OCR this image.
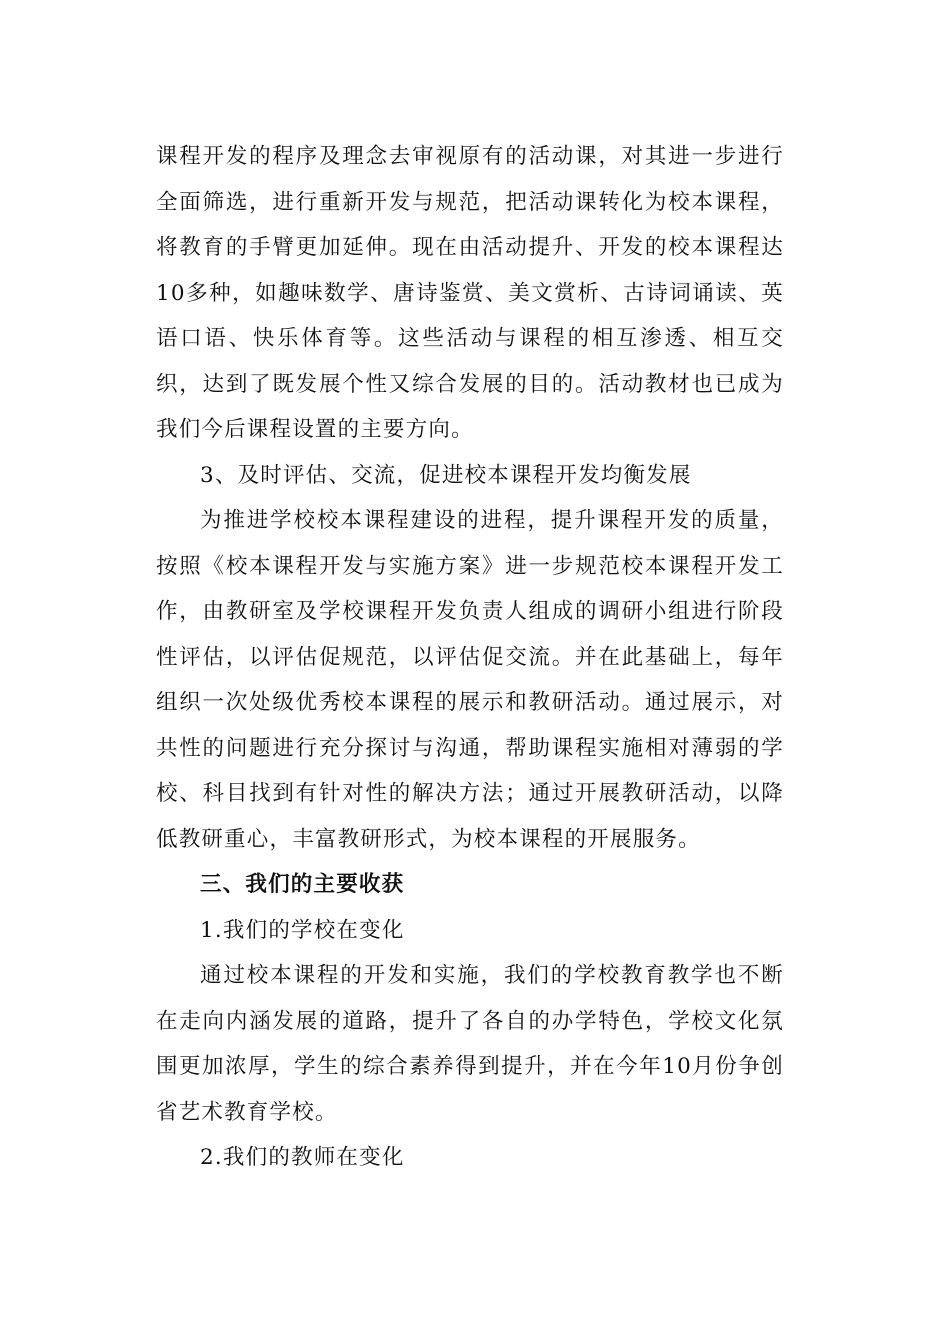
课程开发的程序及理念去审视原有的活动课，对其进一步进行全面筛选，进行重新开发与规范，把活动课转化为校本课程，将教育的手臂更加延伸。现在由活动提升、开发的校本课程达10多种，如趣味数学、唐诗鉴赏、美文赏析、古诗词诵读、英语口语、快乐体育等。这些活动与课程的相互渗透、相互交织，达到了既发展个性又综合发展的目的。活动教材也已成为我们今后课程设置的主要方向。

3、及时评估、交流，促进校本课程开发均衡发展

为推进学校校本课程建设的进程，提升课程开发的质量，按照《校本课程开发与实施方案》进一步规范校本课程开发工作，由教研室及学校课程开发负责人组成的调研小组进行阶段性评估，以评估促规范，以评估促交流。并在此基础上，每年组织一次处级优秀校本课程的展示和教研活动。通过展示，对共性的问题进行充分探讨与沟通，帮助课程实施相对薄弱的学校、科目找到有针对性的解决方法；通过开展教研活动，以降低教研重心，丰富教研形式，为校本课程的开展服务。

三、我们的主要收获

1.我们的学校在变化

通过校本课程的开发和实施，我们的学校教育教学也不断在走向内涵发展的道路，提升了各自的办学特色，学校文化氛围更加浓厚，学生的综合素养得到提升，并在今年10月份争创省艺术教育学校。

2.我们的教师在变化
